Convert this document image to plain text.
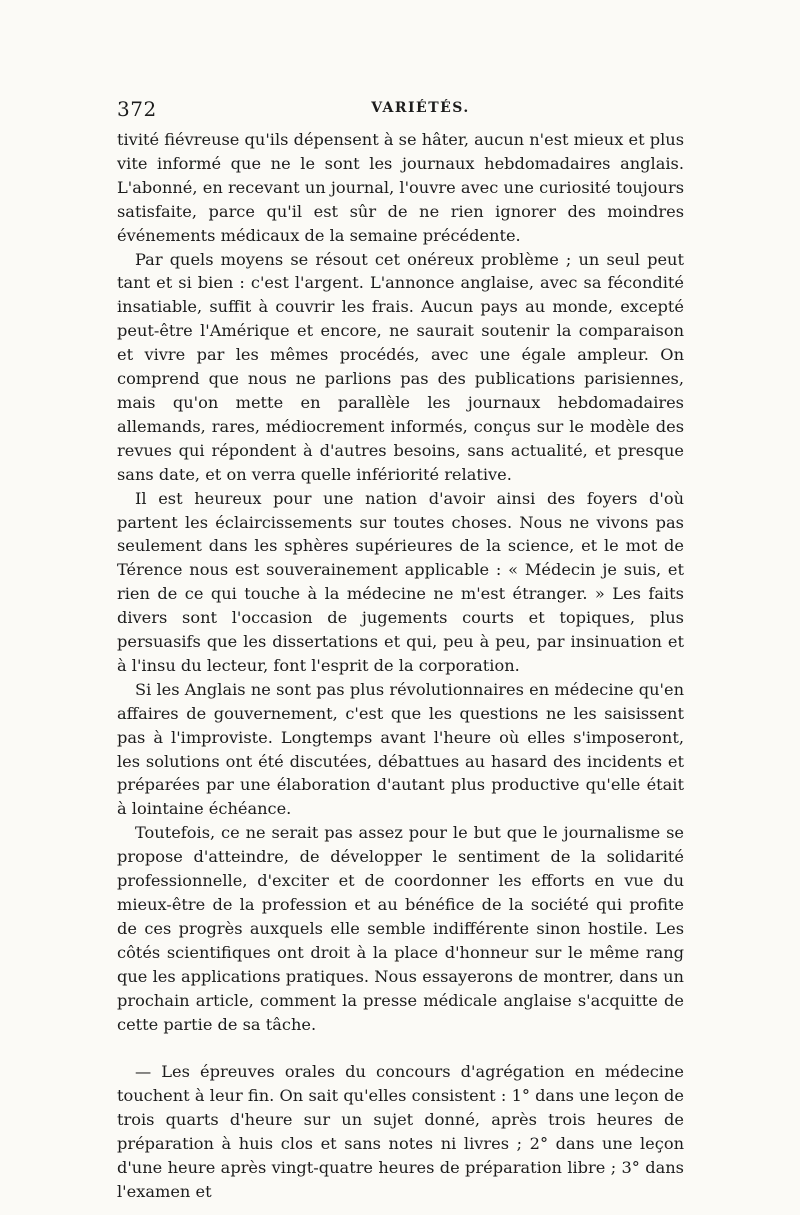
372	VARIÉTÉS.

tivité fiévreuse qu'ils dépensent à se hâter, aucun n'est mieux et plus vite informé que ne le sont les journaux hebdomadaires anglais. L'abonné, en recevant un journal, l'ouvre avec une curiosité toujours satisfaite, parce qu'il est sûr de ne rien ignorer des moindres événements médicaux de la semaine précédente.

Par quels moyens se résout cet onéreux problème ; un seul peut tant et si bien : c'est l'argent. L'annonce anglaise, avec sa fécondité insatiable, suffit à couvrir les frais. Aucun pays au monde, excepté peut-être l'Amérique et encore, ne saurait soutenir la comparaison et vivre par les mêmes procédés, avec une égale ampleur. On comprend que nous ne parlions pas des publications parisiennes, mais qu'on mette en parallèle les journaux hebdomadaires allemands, rares, médiocrement informés, conçus sur le modèle des revues qui répondent à d'autres besoins, sans actualité, et presque sans date, et on verra quelle infériorité relative.

Il est heureux pour une nation d'avoir ainsi des foyers d'où partent les éclaircissements sur toutes choses. Nous ne vivons pas seulement dans les sphères supérieures de la science, et le mot de Térence nous est souverainement applicable : « Médecin je suis, et rien de ce qui touche à la médecine ne m'est étranger. » Les faits divers sont l'occasion de jugements courts et topiques, plus persuasifs que les dissertations et qui, peu à peu, par insinuation et à l'insu du lecteur, font l'esprit de la corporation.

Si les Anglais ne sont pas plus révolutionnaires en médecine qu'en affaires de gouvernement, c'est que les questions ne les saisissent pas à l'improviste. Longtemps avant l'heure où elles s'imposeront, les solutions ont été discutées, débattues au hasard des incidents et préparées par une élaboration d'autant plus productive qu'elle était à lointaine échéance.

Toutefois, ce ne serait pas assez pour le but que le journalisme se propose d'atteindre, de développer le sentiment de la solidarité professionnelle, d'exciter et de coordonner les efforts en vue du mieux-être de la profession et au bénéfice de la société qui profite de ces progrès auxquels elle semble indifférente sinon hostile. Les côtés scientifiques ont droit à la place d'honneur sur le même rang que les applications pratiques. Nous essayerons de montrer, dans un prochain article, comment la presse médicale anglaise s'acquitte de cette partie de sa tâche.

— Les épreuves orales du concours d'agrégation en médecine touchent à leur fin. On sait qu'elles consistent : 1° dans une leçon de trois quarts d'heure sur un sujet donné, après trois heures de préparation à huis clos et sans notes ni livres ; 2° dans une leçon d'une heure après vingt-quatre heures de préparation libre ; 3° dans l'examen et
